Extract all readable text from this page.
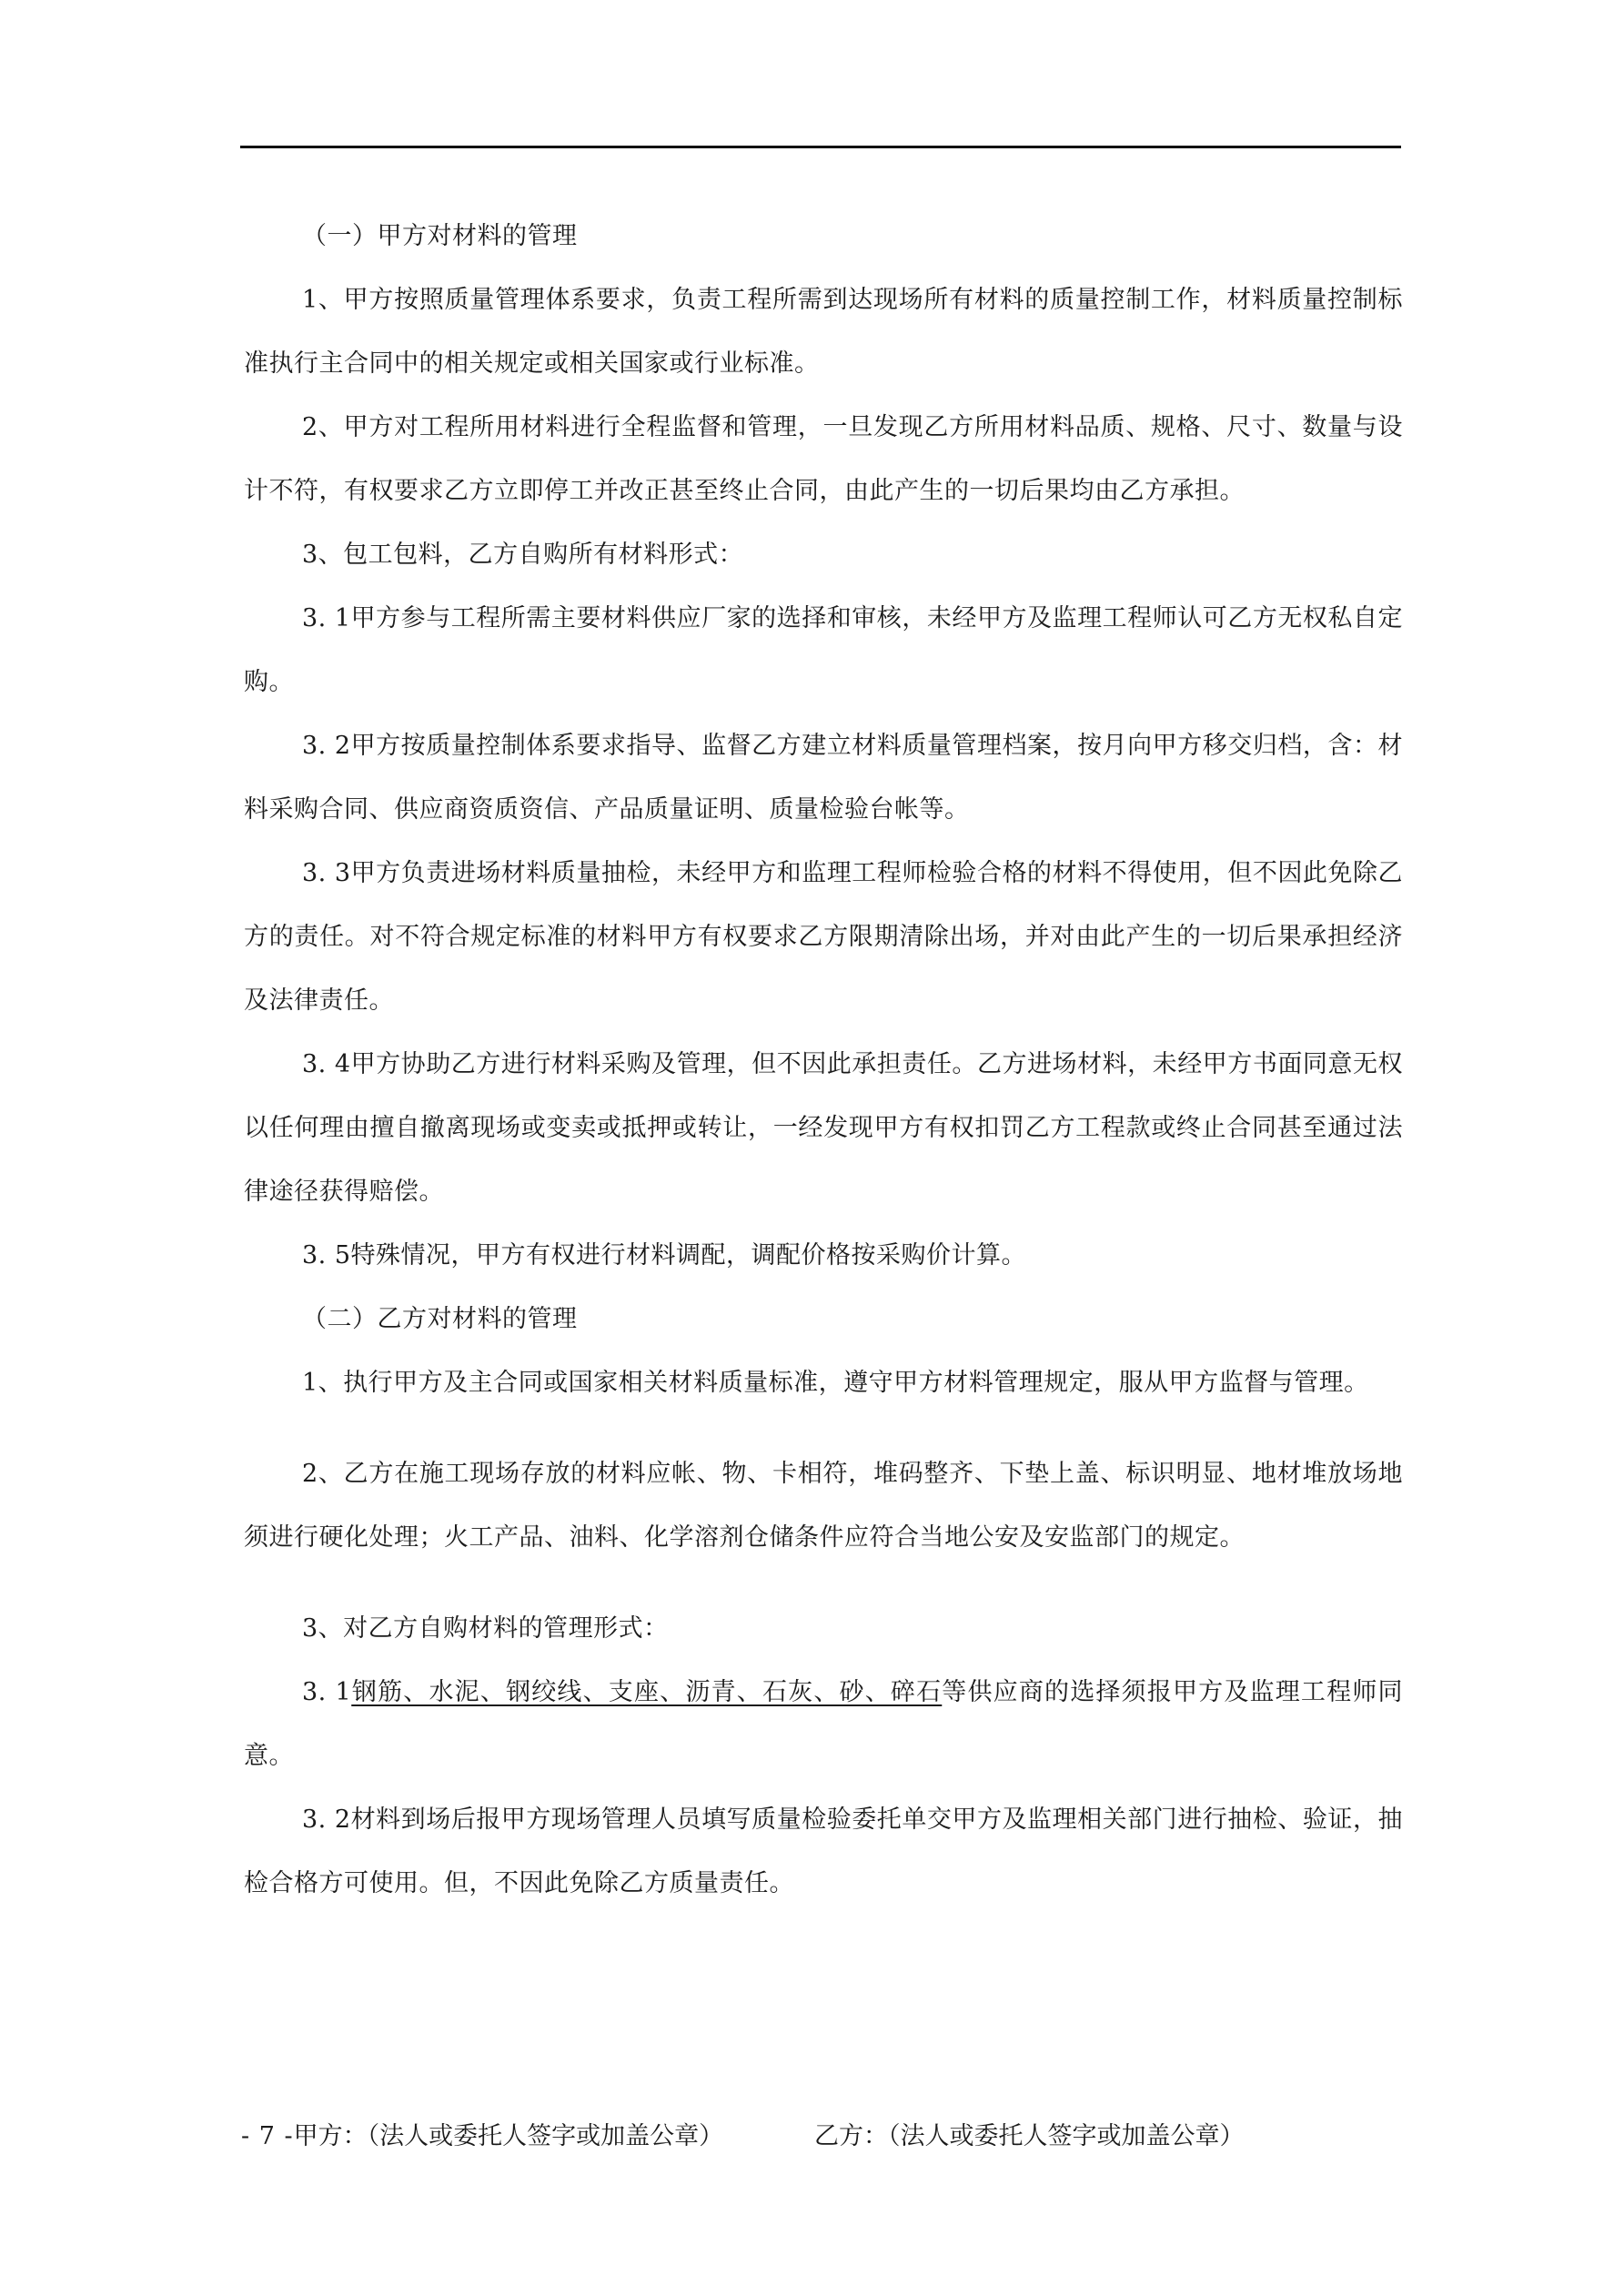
（一）甲方对材料的管理

1、甲方按照质量管理体系要求，负责工程所需到达现场所有材料的质量控制工作，材料质量控制标准执行主合同中的相关规定或相关国家或行业标准。

2、甲方对工程所用材料进行全程监督和管理，一旦发现乙方所用材料品质、规格、尺寸、数量与设计不符，有权要求乙方立即停工并改正甚至终止合同，由此产生的一切后果均由乙方承担。

3、包工包料，乙方自购所有材料形式：

3. 1甲方参与工程所需主要材料供应厂家的选择和审核，未经甲方及监理工程师认可乙方无权私自定购。

3. 2甲方按质量控制体系要求指导、监督乙方建立材料质量管理档案，按月向甲方移交归档，含：材料采购合同、供应商资质资信、产品质量证明、质量检验台帐等。

3. 3甲方负责进场材料质量抽检，未经甲方和监理工程师检验合格的材料不得使用，但不因此免除乙方的责任。对不符合规定标准的材料甲方有权要求乙方限期清除出场，并对由此产生的一切后果承担经济及法律责任。

3. 4甲方协助乙方进行材料采购及管理，但不因此承担责任。乙方进场材料，未经甲方书面同意无权以任何理由擅自撤离现场或变卖或抵押或转让，一经发现甲方有权扣罚乙方工程款或终止合同甚至通过法律途径获得赔偿。

3. 5特殊情况，甲方有权进行材料调配，调配价格按采购价计算。

（二）乙方对材料的管理

1、执行甲方及主合同或国家相关材料质量标准，遵守甲方材料管理规定，服从甲方监督与管理。

2、乙方在施工现场存放的材料应帐、物、卡相符，堆码整齐、下垫上盖、标识明显、地材堆放场地须进行硬化处理；火工产品、油料、化学溶剂仓储条件应符合当地公安及安监部门的规定。

3、对乙方自购材料的管理形式：

3. 1钢筋、水泥、钢绞线、支座、沥青、石灰、砂、碎石等供应商的选择须报甲方及监理工程师同意。

3. 2材料到场后报甲方现场管理人员填写质量检验委托单交甲方及监理相关部门进行抽检、验证，抽检合格方可使用。但，不因此免除乙方质量责任。

- 7 -甲方：（法人或委托人签字或加盖公章）	乙方：（法人或委托人签字或加盖公章）
